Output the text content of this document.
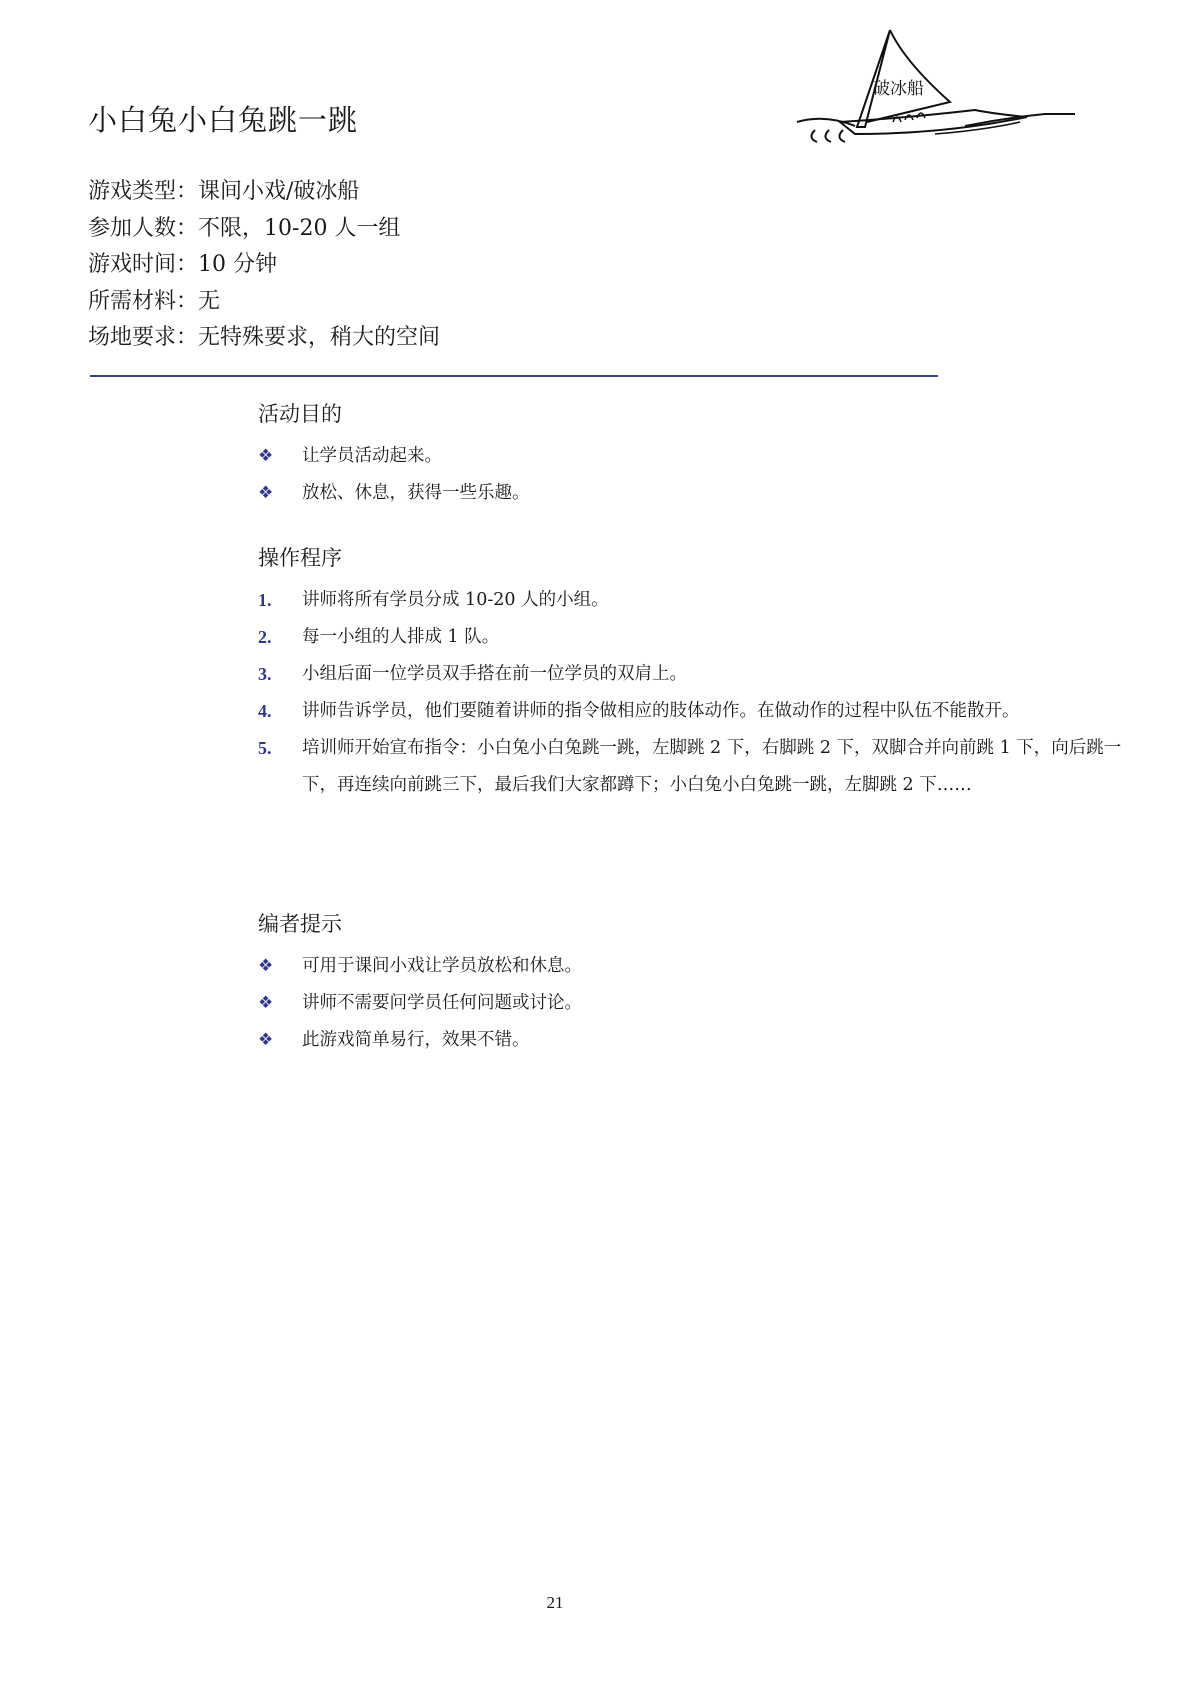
小白兔小白兔跳一跳
破冰船
游戏类型：课间小戏/破冰船
参加人数：不限，10-20 人一组
游戏时间：10 分钟
所需材料：无
场地要求：无特殊要求，稍大的空间
活动目的
❖ 让学员活动起来。
❖ 放松、休息，获得一些乐趣。
操作程序
1. 讲师将所有学员分成 10-20 人的小组。
2. 每一小组的人排成 1 队。
3. 小组后面一位学员双手搭在前一位学员的双肩上。
4. 讲师告诉学员，他们要随着讲师的指令做相应的肢体动作。在做动作的过程中队伍不能散开。
5. 培训师开始宣布指令：小白兔小白兔跳一跳，左脚跳 2 下，右脚跳 2 下，双脚合并向前跳 1 下，向后跳一下，再连续向前跳三下，最后我们大家都蹲下；小白兔小白兔跳一跳，左脚跳 2 下……
编者提示
❖ 可用于课间小戏让学员放松和休息。
❖ 讲师不需要问学员任何问题或讨论。
❖ 此游戏简单易行，效果不错。
21
